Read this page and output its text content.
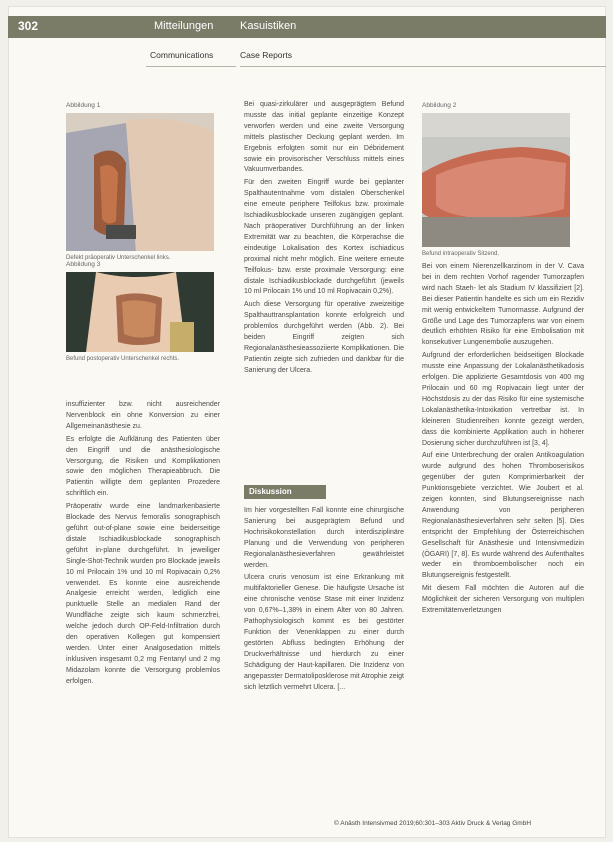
302	Mitteilungen Kasuistiken
Communications	Case Reports
Abbildung 1
Defekt präoperativ Unterschenkel links.
Abbildung 3
Befund postoperativ Unterschenkel rechts.
Abbildung 2
Befund intraoperativ Sitzend.

insuffizienter bzw. nicht ausreichender Nervenblock ein ohne Konversion zu einer Allgemeinanästhesie zu.

Es erfolgte die Aufklärung des Patienten über den Eingriff und die anästhesiologische Versorgung, die Risiken und Komplikationen sowie den möglichen Therapieabbruch. Die Patientin willigte dem geplanten Prozedere schriftlich ein.

Präoperativ wurde eine landmarkenbasierte Blockade des Nervus femoralis sonographisch geführt out-of-plane sowie eine beiderseitige distale Ischiadikusblockade sonographisch geführt in-plane durchgeführt. In jeweiliger Single-Shot-Technik wurden pro Blockade jeweils 10 ml Prilocain 1% und 10 ml Ropivacain 0,2% verwendet. Es konnte eine ausreichende Analgesie erreicht werden, lediglich eine punktuelle Stelle an medialen Rand der Wundfläche zeigte sich kaum schmerzfrei, welche jedoch durch OP-Feld-Infiltration durch den operativen Kollegen gut kompensiert werden. Unter einer Analgosedation mittels inklusiven insgesamt 0,2 mg Fentanyl und 2 mg Midazolam konnte die Versorgung problemlos erfolgen.

Bei quasi-zirkulärer und ausgeprägtem Befund musste das initial geplante einzeitige Konzept verworfen werden und eine zweite Versorgung mittels plastischer Deckung geplant werden. Im Ergebnis erfolgten somit nur ein Débridement sowie ein provisorischer Verschluss mittels eines Vakuumverbandes.

Für den zweiten Eingriff wurde bei geplanter Spalthautentnahme vom distalen Oberschenkel eine erneute periphere Teilfokus bzw. proximale Ischiadikusblockade unseren zugängigen geplant. Nach präoperativer Durchführung an der linken Extremität war zu beachten, die Körperachse die eindeutige Lokalisation des Kortex ischiadicus proximal nicht mehr möglich. Eine weitere erneute Teilfokus- bzw. erste proximale Versorgung: eine distale Ischiadikusblockade durchgeführt (jeweils 10 ml Prilocain 1% und 10 ml Ropivacain 0,2%).

Auch diese Versorgung für operative zweizeitige Spalthauttransplantation konnte erfolgreich und problemlos durchgeführt werden (Abb. 2). Bei beiden Eingriff zeigten sich Regionalanästhesieassoziierte Komplikationen. Die Patientin zeigte sich zufrieden und dankbar für die Sanierung der Ulcera.

Diskussion

Im hier vorgestellten Fall konnte eine chirurgische Sanierung bei ausgeprägtem Befund und Hochrisikokonstellation durch interdisziplinäre Planung und die Verwendung von peripheren Regionalanästhesieverfahren gewährleistet werden.

Ulcera cruris venosum ist eine Erkrankung mit multifaktorieller Genese. Die häufigste Ursache ist eine chronische venöse Stase mit einer Inzidenz von 0,67%–1,38% in einem Alter von 80 Jahren. Pathophysiologisch kommt es bei gestörter Funktion der Venenklappen zu einer durch gestörten Abfluss bedingten Erhöhung der Druckverhältnisse und hierdurch zu einer Schädigung der Haut-kapillaren. Die Inzidenz von angepasster Dermatoliposklerose mit Atrophie zeigt sich letztlich vermehrt Ulcera. [...

Bei von einem Nierenzellkarzinom in der V. Cava bei in dem rechten Vorhof ragender Tumorzapfen wird nach Staeh- let als Stadium IV klassifiziert [2]. Bei dieser Patientin handelte es sich um ein Rezidiv mit wenig entwickeltem Tumormasse. Aufgrund der Größe und Lage des Tumorzapfens war von einem deutlich erhöhten Risiko für eine Embolisation mit konsekutiver Lungenembolie auszugehen.

Aufgrund der erforderlichen beidseitigen Blockade musste eine Anpassung der Lokalanästhetikadosis erfolgen. Die applizierte Gesamtdosis von 400 mg Prilocain und 60 mg Ropivacain liegt unter der Höchstdosis zu der das Risiko für eine systemische Lokalanästhetika-Intoxikation vertretbar ist. In kleineren Studienreihen konnte gezeigt werden, dass die kombinierte Applikation auch in höherer Dosierung sicher durchzuführen ist [3, 4].

Auf eine Unterbrechung der oralen Antikoagulation wurde aufgrund des hohen Thromboserisikos gegenüber der guten Komprimierbarkeit der Punktionsgebiete verzichtet. Wie Joubert et al. zeigen konnten, sind Blutungsereignisse nach Anwendung von peripheren Regionalanästhesieverfahren sehr selten [5]. Dies entspricht der Empfehlung der Österreichischen Gesellschaft für Anästhesie und Intensivmedizin (ÖGARI) [7, 8]. Es wurde während des Aufenthaltes weder ein thromboembolischer noch ein Blutungsereignis festgestellt.

Mit diesem Fall möchten die Autoren auf die Möglichkeit der sicheren Versorgung von multiplen Extremitätenverletzungen

© Anästh Intensivmed 2019;60:301–303 Aktiv Druck & Verlag GmbH
